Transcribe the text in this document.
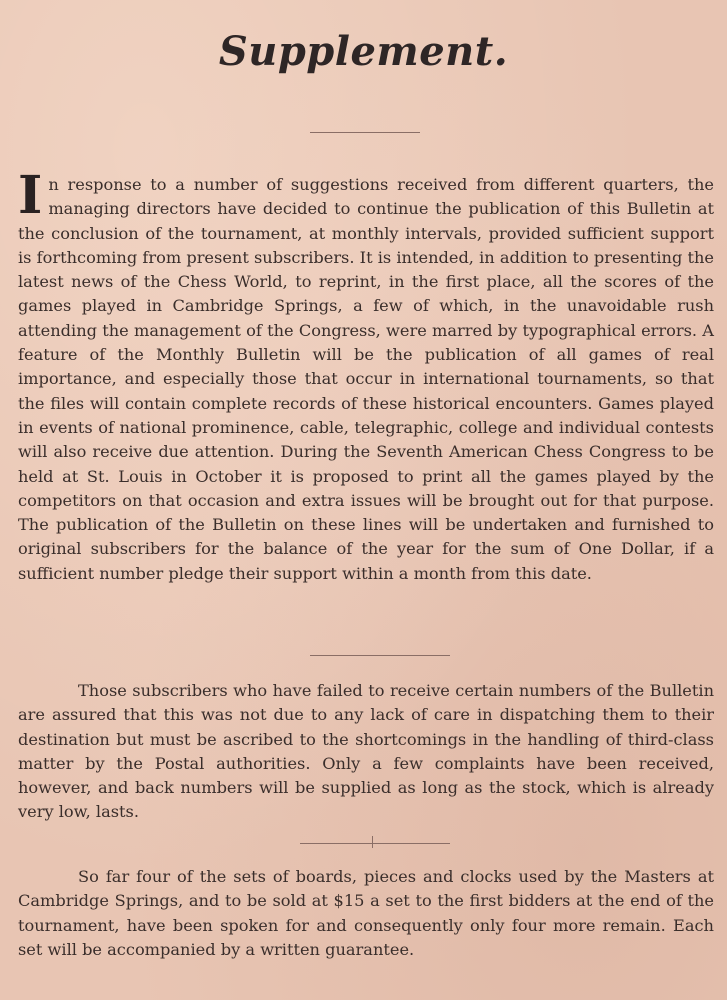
Supplement.
In response to a number of suggestions received from different quarters, the managing directors have decided to continue the publication of this Bulletin at the conclusion of the tournament, at monthly intervals, provided sufficient support is forthcoming from present subscribers. It is intended, in addition to presenting the latest news of the Chess World, to reprint, in the first place, all the scores of the games played in Cambridge Springs, a few of which, in the unavoidable rush attending the management of the Congress, were marred by typographical errors. A feature of the Monthly Bulletin will be the publication of all games of real importance, and especially those that occur in international tournaments, so that the files will contain complete records of these historical encounters. Games played in events of national prominence, cable, telegraphic, college and individual contests will also receive due attention. During the Seventh American Chess Congress to be held at St. Louis in October it is proposed to print all the games played by the competitors on that occasion and extra issues will be brought out for that purpose. The publication of the Bulletin on these lines will be undertaken and furnished to original subscribers for the balance of the year for the sum of One Dollar, if a sufficient number pledge their support within a month from this date.
Those subscribers who have failed to receive certain numbers of the Bulletin are assured that this was not due to any lack of care in dispatching them to their destination but must be ascribed to the shortcomings in the handling of third-class matter by the Postal authorities. Only a few complaints have been received, however, and back numbers will be supplied as long as the stock, which is already very low, lasts.
So far four of the sets of boards, pieces and clocks used by the Masters at Cambridge Springs, and to be sold at $15 a set to the first bidders at the end of the tournament, have been spoken for and consequently only four more remain. Each set will be accompanied by a written guarantee.
